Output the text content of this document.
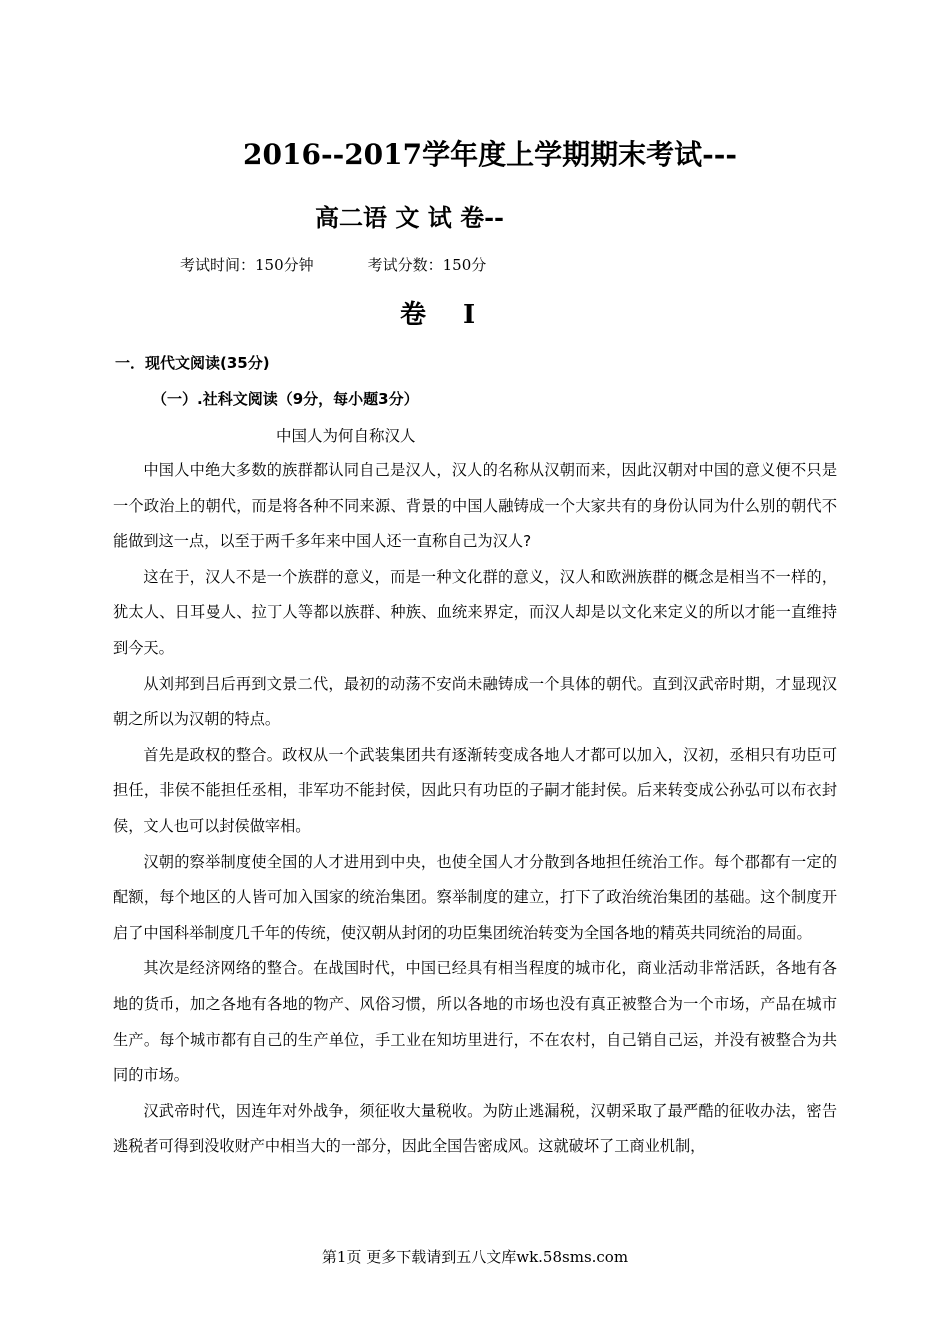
2016--2017学年度上学期期末考试---
高二语 文 试 卷--
考试时间：150分钟	考试分数：150分
卷 I
一．现代文阅读(35分)
（一）.社科文阅读（9分，每小题3分）
中国人为何自称汉人

中国人中绝大多数的族群都认同自己是汉人，汉人的名称从汉朝而来，因此汉朝对中国的意义便不只是一个政治上的朝代，而是将各种不同来源、背景的中国人融铸成一个大家共有的身份认同为什么别的朝代不能做到这一点，以至于两千多年来中国人还一直称自己为汉人?

这在于，汉人不是一个族群的意义，而是一种文化群的意义，汉人和欧洲族群的概念是相当不一样的，犹太人、日耳曼人、拉丁人等都以族群、种族、血统来界定，而汉人却是以文化来定义的所以才能一直维持到今天。

从刘邦到吕后再到文景二代，最初的动荡不安尚未融铸成一个具体的朝代。直到汉武帝时期，才显现汉朝之所以为汉朝的特点。

首先是政权的整合。政权从一个武装集团共有逐渐转变成各地人才都可以加入，汉初，丞相只有功臣可担任，非侯不能担任丞相，非军功不能封侯，因此只有功臣的子嗣才能封侯。后来转变成公孙弘可以布衣封侯，文人也可以封侯做宰相。

汉朝的察举制度使全国的人才进用到中央，也使全国人才分散到各地担任统治工作。每个郡都有一定的配额，每个地区的人皆可加入国家的统治集团。察举制度的建立，打下了政治统治集团的基础。这个制度开启了中国科举制度几千年的传统，使汉朝从封闭的功臣集团统治转变为全国各地的精英共同统治的局面。

其次是经济网络的整合。在战国时代，中国已经具有相当程度的城市化，商业活动非常活跃，各地有各地的货币，加之各地有各地的物产、风俗习惯，所以各地的市场也没有真正被整合为一个市场，产品在城市生产。每个城市都有自己的生产单位，手工业在知坊里进行，不在农村，自己销自己运，并没有被整合为共同的市场。

汉武帝时代，因连年对外战争，须征收大量税收。为防止逃漏税，汉朝采取了最严酷的征收办法，密告逃税者可得到没收财产中相当大的一部分，因此全国告密成风。这就破坏了工商业机制，

第1页 更多下载请到五八文库wk.58sms.com
